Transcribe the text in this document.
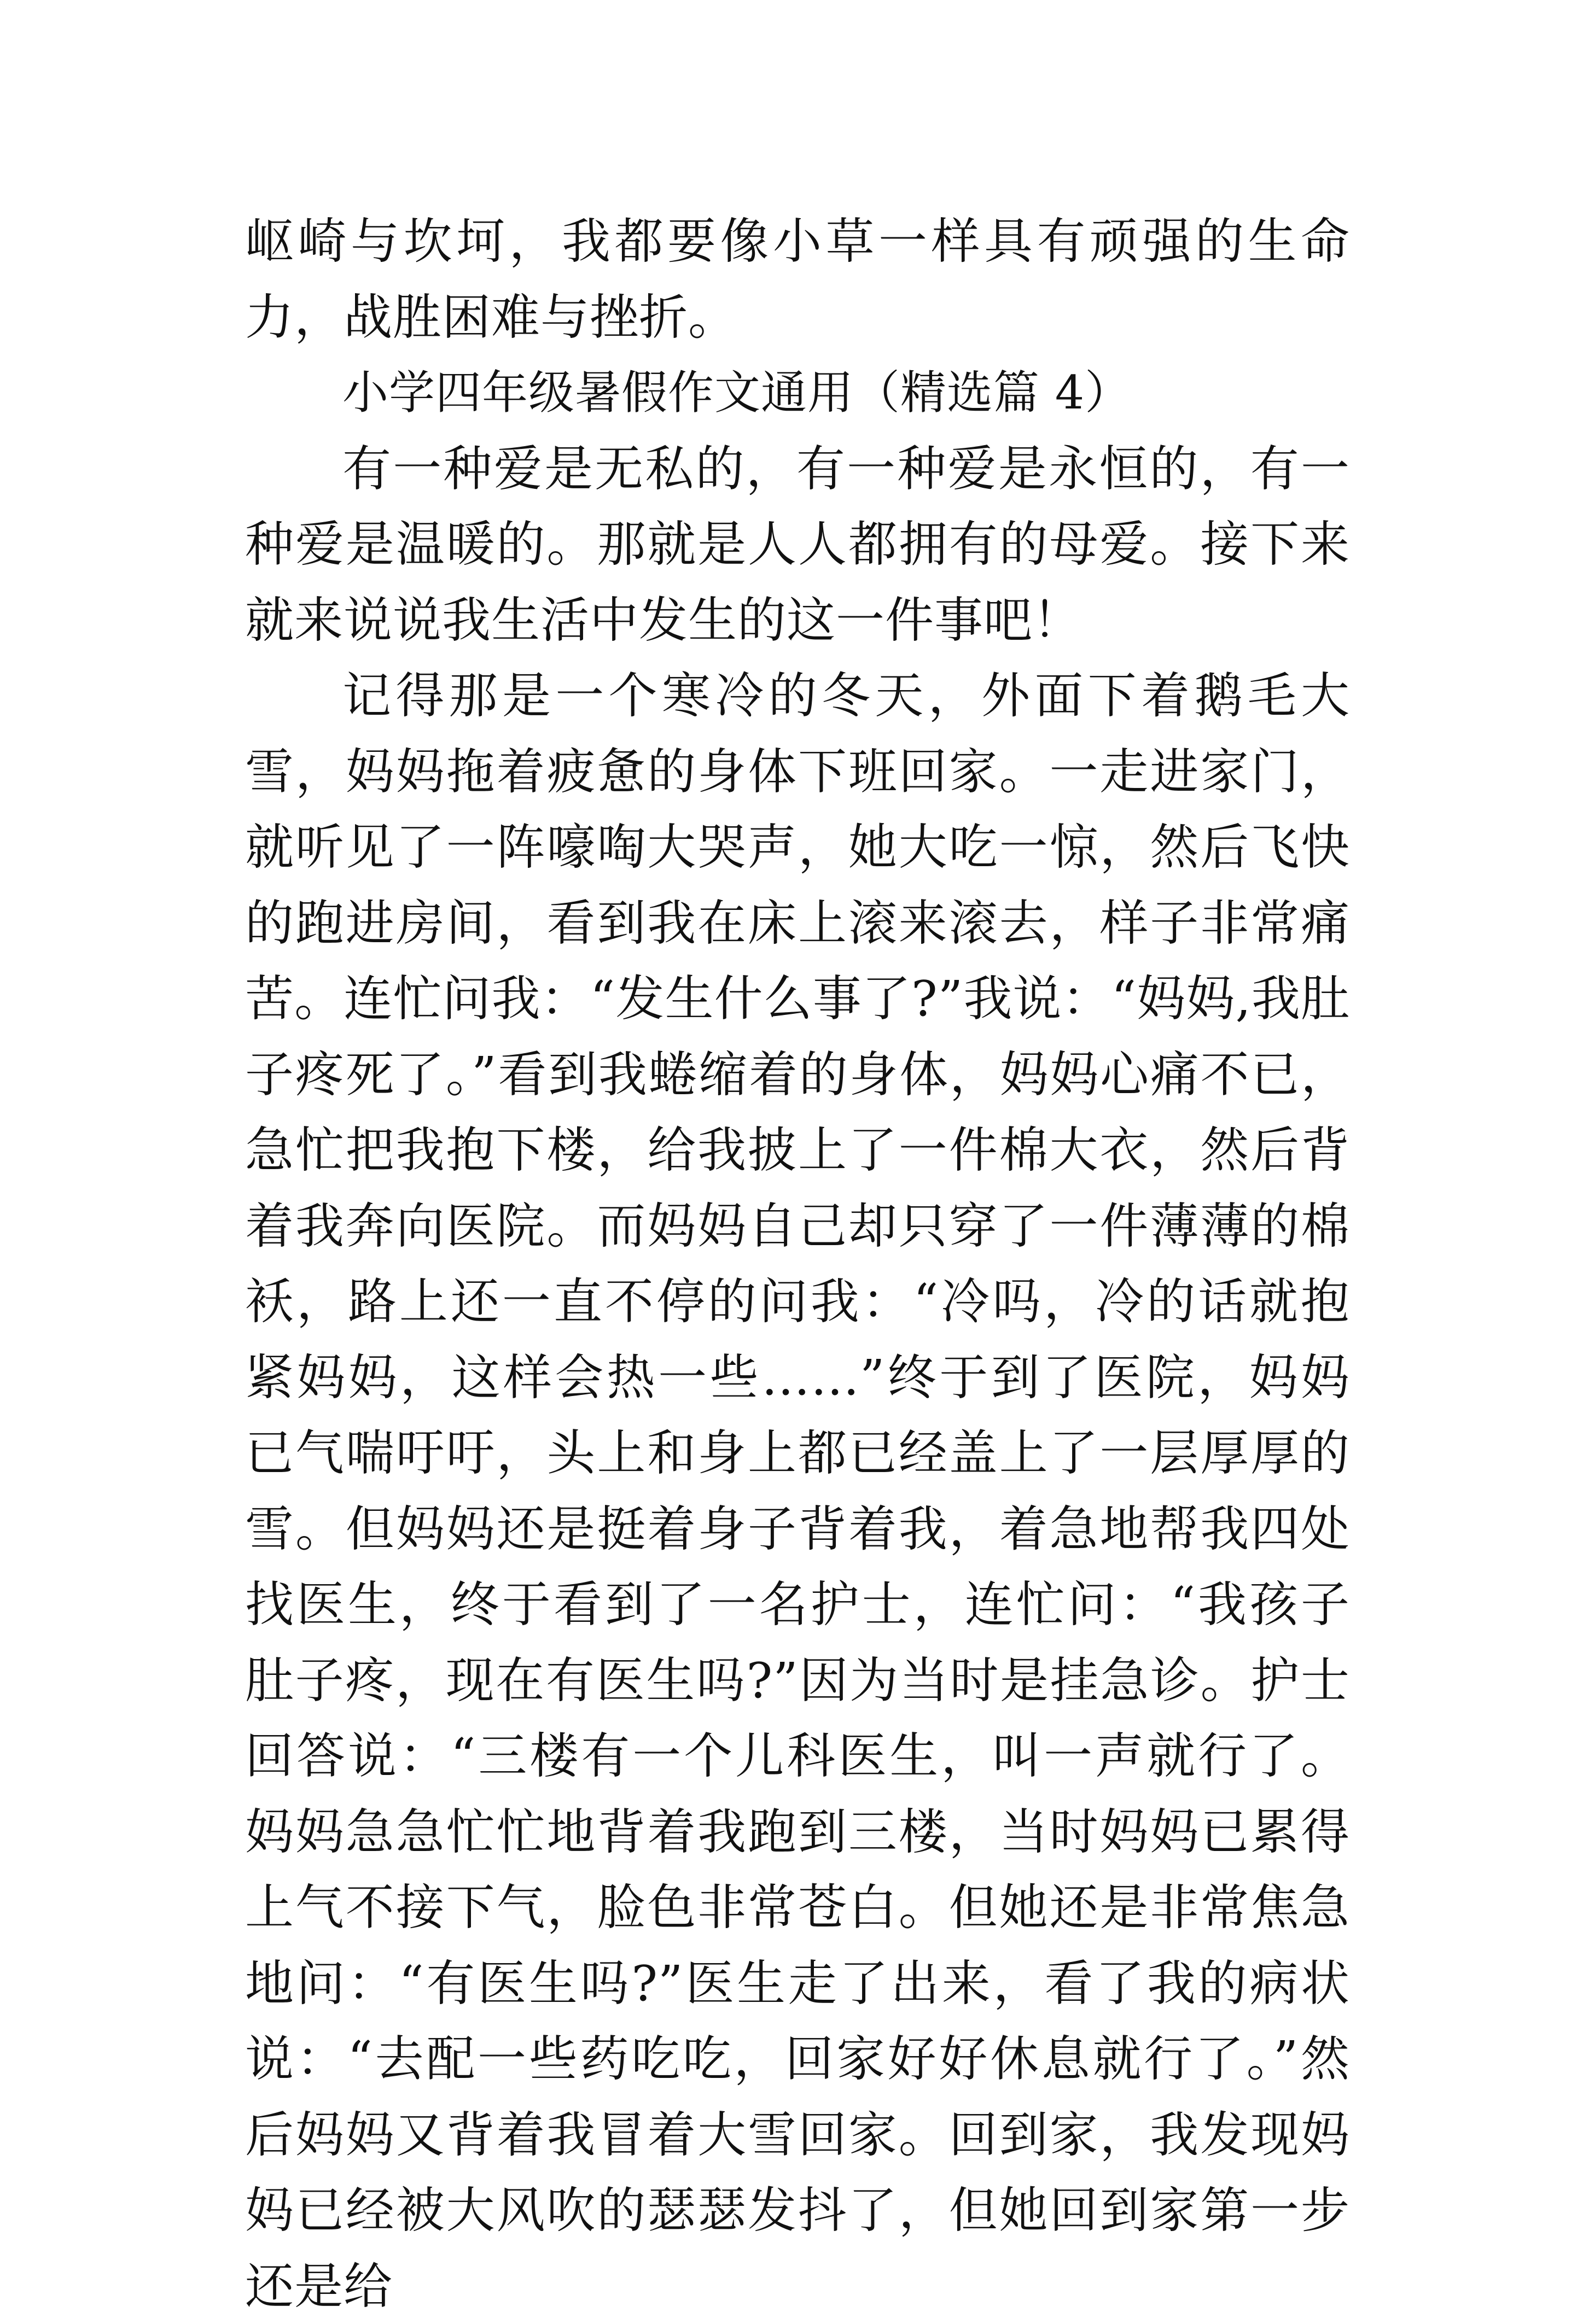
岖崎与坎坷，我都要像小草一样具有顽强的生命力，战胜困难与挫折。

小学四年级暑假作文通用（精选篇 4）

有一种爱是无私的，有一种爱是永恒的，有一种爱是温暖的。那就是人人都拥有的母爱。接下来就来说说我生活中发生的这一件事吧！

记得那是一个寒冷的冬天，外面下着鹅毛大雪，妈妈拖着疲惫的身体下班回家。一走进家门，就听见了一阵嚎啕大哭声，她大吃一惊，然后飞快的跑进房间，看到我在床上滚来滚去，样子非常痛苦。连忙问我：“发生什么事了?”我说：“妈妈,我肚子疼死了。”看到我蜷缩着的身体，妈妈心痛不已，急忙把我抱下楼，给我披上了一件棉大衣，然后背着我奔向医院。而妈妈自己却只穿了一件薄薄的棉袄，路上还一直不停的问我：“冷吗，冷的话就抱紧妈妈，这样会热一些……”终于到了医院，妈妈已气喘吁吁，头上和身上都已经盖上了一层厚厚的雪。但妈妈还是挺着身子背着我，着急地帮我四处找医生，终于看到了一名护士，连忙问：“我孩子肚子疼，现在有医生吗?”因为当时是挂急诊。护士回答说：“三楼有一个儿科医生，叫一声就行了。妈妈急急忙忙地背着我跑到三楼，当时妈妈已累得上气不接下气，脸色非常苍白。但她还是非常焦急地问：“有医生吗?”医生走了出来，看了我的病状说：“去配一些药吃吃，回家好好休息就行了。”然后妈妈又背着我冒着大雪回家。回到家，我发现妈妈已经被大风吹的瑟瑟发抖了，但她回到家第一步还是给
